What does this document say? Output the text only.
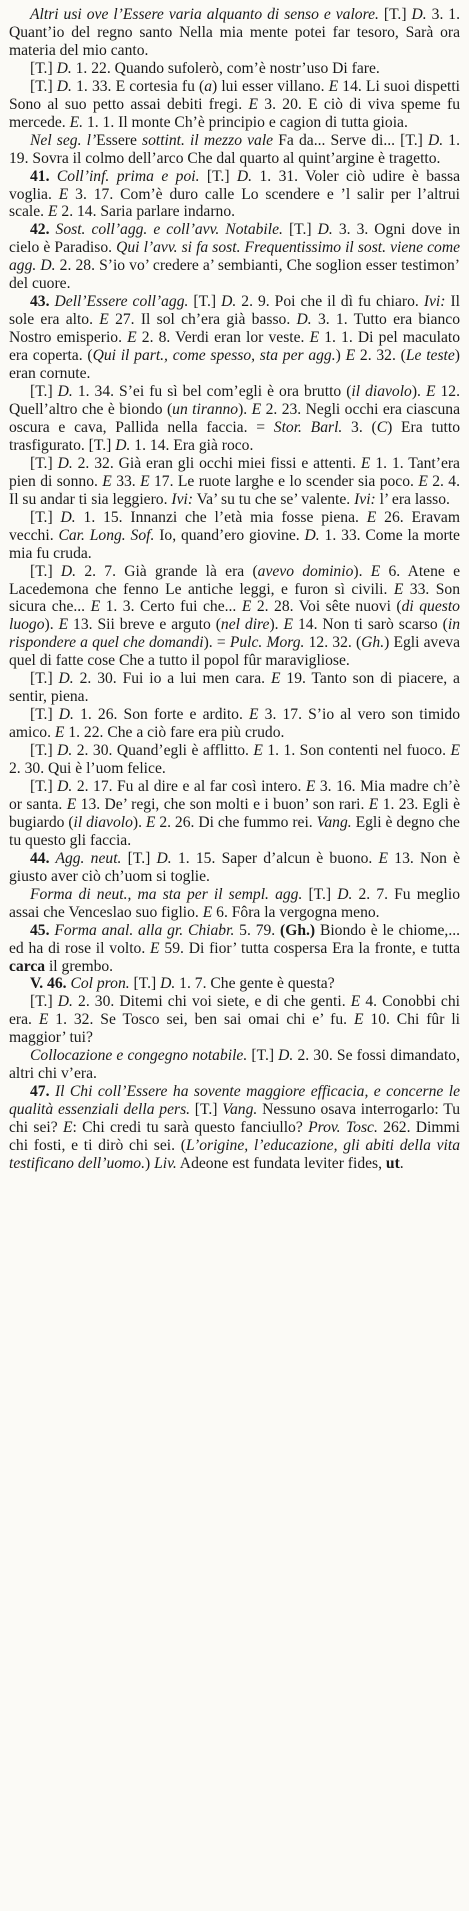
Altri usi ove l’Essere varia alquanto di senso e valore. [T.] D. 3. 1. Quant’io del regno santo Nella mia mente potei far tesoro, Sarà ora materia del mio canto.

[T.] D. 1. 22. Quando sufolerò, com’è nostr’uso Di fare.

[T.] D. 1. 33. E cortesia fu (a) lui esser villano. E 14. Li suoi dispetti Sono al suo petto assai debiti fregi. E 3. 20. E ciò di viva speme fu mercede. E. 1. 1. Il monte Ch’è principio e cagion di tutta gioia.

Nel seg. l’Essere sottint. il mezzo vale Fa da... Serve di... [T.] D. 1. 19. Sovra il colmo dell’arco Che dal quarto al quint’argine è tragetto.

41. Coll’inf. prima e poi. [T.] D. 1. 31. Voler ciò udire è bassa voglia. E 3. 17. Com’è duro calle Lo scendere e ’l salir per l’altrui scale. E 2. 14. Saria parlare indarno.

42. Sost. coll’agg. e coll’avv. Notabile. [T.] D. 3. 3. Ogni dove in cielo è Paradiso. Qui l’avv. si fa sost. Frequentissimo il sost. viene come agg. D. 2. 28. S’io vo’ credere a’ sembianti, Che soglion esser testimon’ del cuore.

43. Dell’Essere coll’agg. [T.] D. 2. 9. Poi che il dì fu chiaro. Ivi: Il sole era alto. E 27. Il sol ch’era già basso. D. 3. 1. Tutto era bianco Nostro emisperio. E 2. 8. Verdi eran lor veste. E 1. 1. Di pel maculato era coperta. (Qui il part., come spesso, sta per agg.) E 2. 32. (Le teste) eran cornute.

[T.] D. 1. 34. S’ei fu sì bel com’egli è ora brutto (il diavolo). E 12. Quell’altro che è biondo (un tiranno). E 2. 23. Negli occhi era ciascuna oscura e cava, Pallida nella faccia. = Stor. Barl. 3. (C) Era tutto trasfigurato. [T.] D. 1. 14. Era già roco.

[T.] D. 2. 32. Già eran gli occhi miei fissi e attenti. E 1. 1. Tant’era pien di sonno. E 33. E 17. Le ruote larghe e lo scender sia poco. E 2. 4. Il su andar ti sia leggiero. Ivi: Va’ su tu che se’ valente. Ivi: l’ era lasso.

[T.] D. 1. 15. Innanzi che l’età mia fosse piena. E 26. Eravam vecchi. Car. Long. Sof. Io, quand’ero giovine. D. 1. 33. Come la morte mia fu cruda.

[T.] D. 2. 7. Già grande là era (avevo dominio). E 6. Atene e Lacedemona che fenno Le antiche leggi, e furon sì civili. E 33. Son sicura che... E 1. 3. Certo fui che... E 2. 28. Voi sête nuovi (di questo luogo). E 13. Sii breve e arguto (nel dire). E 14. Non ti sarò scarso (in rispondere a quel che domandi). = Pulc. Morg. 12. 32. (Gh.) Egli aveva quel di fatte cose Che a tutto il popol fûr maravigliose.

[T.] D. 2. 30. Fui io a lui men cara. E 19. Tanto son di piacere, a sentir, piena.

[T.] D. 1. 26. Son forte e ardito. E 3. 17. S’io al vero son timido amico. E 1. 22. Che a ciò fare era più crudo.

[T.] D. 2. 30. Quand’egli è afflitto. E 1. 1. Son contenti nel fuoco. E 2. 30. Qui è l’uom felice.

[T.] D. 2. 17. Fu al dire e al far così intero. E 3. 16. Mia madre ch’è or santa. E 13. De’ regi, che son molti e i buon’ son rari. E 1. 23. Egli è bugiardo (il diavolo). E 2. 26. Di che fummo rei. Vang. Egli è degno che tu questo gli faccia.

44. Agg. neut. [T.] D. 1. 15. Saper d’alcun è buono. E 13. Non è giusto aver ciò ch’uom si toglie.

Forma di neut., ma sta per il sempl. agg. [T.] D. 2. 7. Fu meglio assai che Venceslao suo figlio. E 6. Fôra la vergogna meno.

45. Forma anal. alla gr. Chiabr. 5. 79. (Gh.) Biondo è le chiome,... ed ha di rose il volto. E 59. Di fior’ tutta cospersa Era la fronte, e tutta carca il grembo.

V. 46. Col pron. [T.] D. 1. 7. Che gente è questa?

[T.] D. 2. 30. Ditemi chi voi siete, e di che genti. E 4. Conobbi chi era. E 1. 32. Se Tosco sei, ben sai omai chi e’ fu. E 10. Chi fûr li maggior’ tui?

Collocazione e congegno notabile. [T.] D. 2. 30. Se fossi dimandato, altri chi v’era.

47. Il Chi coll’Essere ha sovente maggiore efficacia, e concerne le qualità essenziali della pers. [T.] Vang. Nessuno osava interrogarlo: Tu chi sei? E: Chi credi tu sarà questo fanciullo? Prov. Tosc. 262. Dimmi chi fosti, e ti dirò chi sei. (L’origine, l’educazione, gli abiti della vita testificano dell’uomo.) Liv. Adeone est fundata leviter fides, ut.
